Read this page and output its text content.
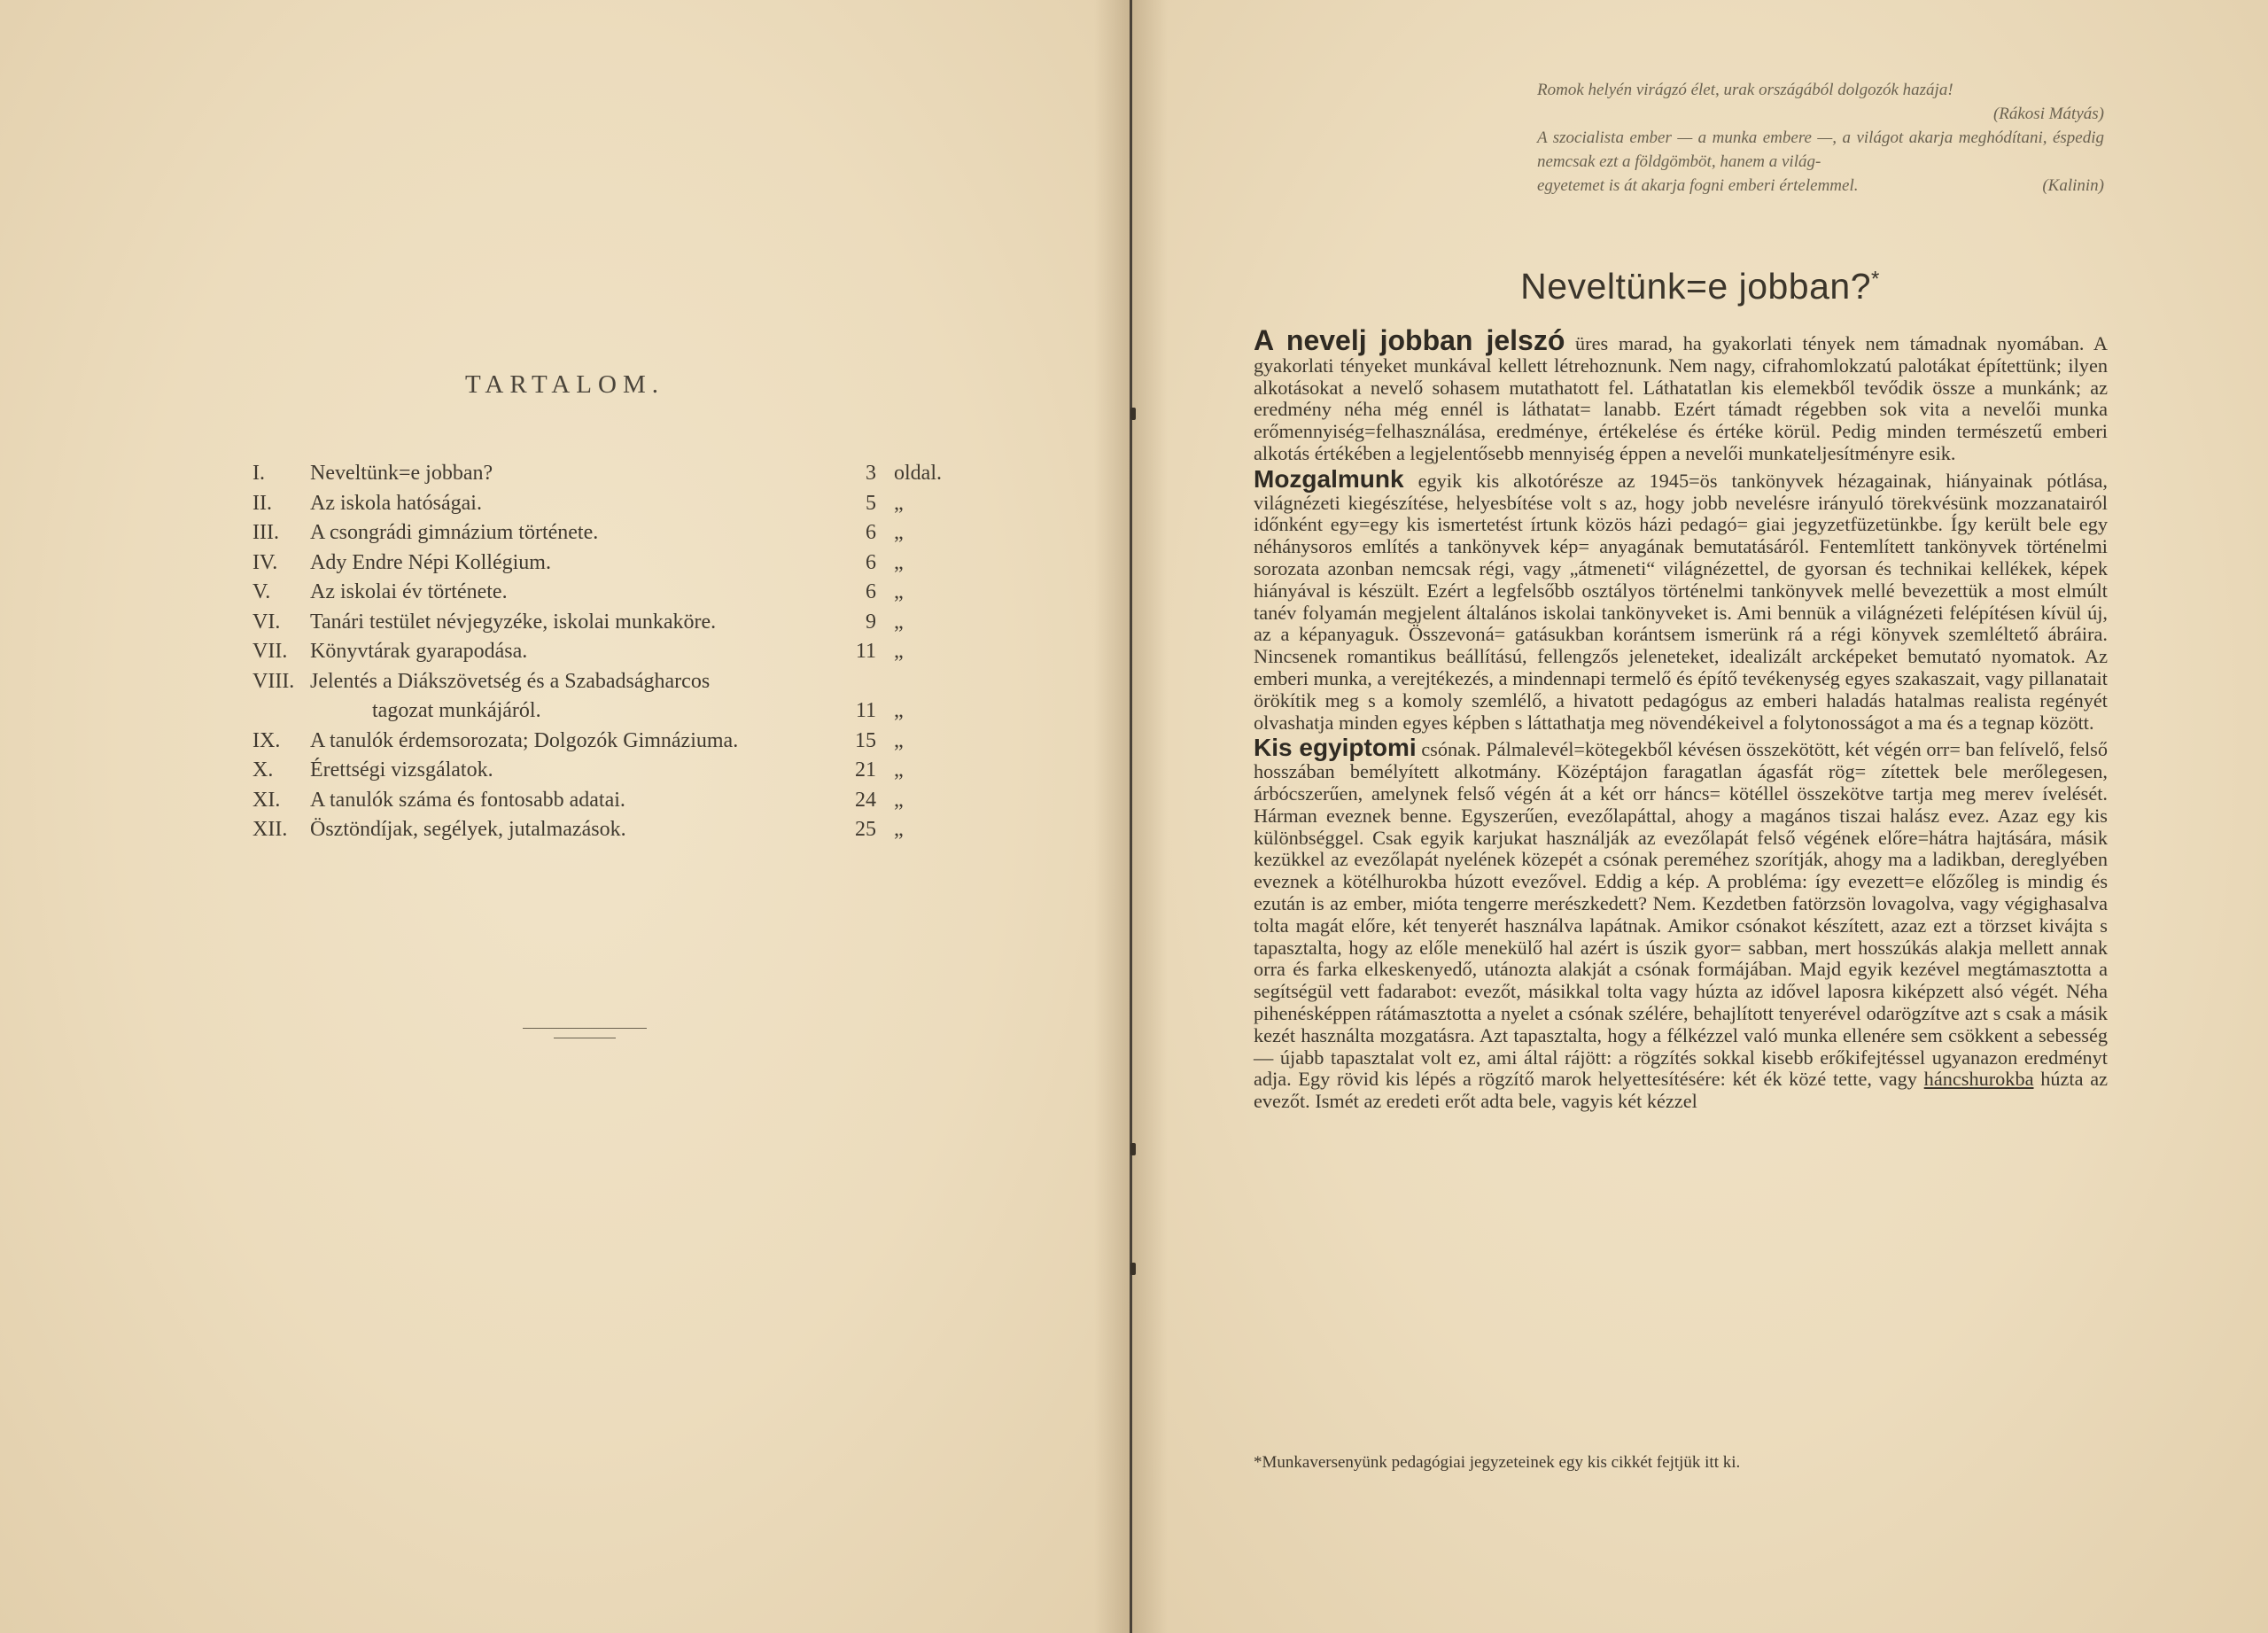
TARTALOM.
I.	Neveltünk=e jobban?	3 oldal.
II.	Az iskola hatóságai.	5 „
III.	A csongrádi gimnázium története.	6 „
IV.	Ady Endre Népi Kollégium.	6 „
V.	Az iskolai év története.	6 „
VI.	Tanári testület névjegyzéke, iskolai munkaköre.	9 „
VII.	Könyvtárak gyarapodása.	11 „
VIII. Jelentés a Diákszövetség és a Szabadságharcos
tagozat munkájáról.	11 „
IX.	A tanulók érdemsorozata; Dolgozók Gimnáziuma.	15 „
X.	Érettségi vizsgálatok.	21 „
XI.	A tanulók száma és fontosabb adatai.	24 „
XII.	Ösztöndíjak, segélyek, jutalmazások.	25 „

Romok helyén virágzó élet, urak országából dolgozók hazája!

(Rákosi Mátyás)

A szocialista ember — a munka embere —, a világot akarja meghódítani, éspedig nemcsak ezt a földgömböt, hanem a világ-

egyetemet is át akarja fogni emberi értelemmel.	(Kalinin)
Neveltünk=e jobban?*

A nevelj jobban jelszó üres marad, ha gyakorlati tények nem támadnak nyomában. A gyakorlati tényeket munkával kellett létrehoznunk. Nem nagy, cifrahomlokzatú palotákat építettünk; ilyen alkotásokat a nevelő sohasem mutathatott fel. Láthatatlan kis elemekből tevődik össze a munkánk; az eredmény néha még ennél is láthatat= lanabb. Ezért támadt régebben sok vita a nevelői munka erőmennyiség=felhasználása, eredménye, értékelése és értéke körül. Pedig minden természetű emberi alkotás értékében a legjelentősebb mennyiség éppen a nevelői munkateljesítményre esik.

Mozgalmunk egyik kis alkotórésze az 1945=ös tankönyvek hézagainak, hiányainak pótlása, világnézeti kiegészítése, helyesbítése volt s az, hogy jobb nevelésre irányuló törekvésünk mozzanatairól időnként egy=egy kis ismertetést írtunk közös házi pedagó= giai jegyzetfüzetünkbe. Így került bele egy néhánysoros említés a tankönyvek kép= anyagának bemutatásáról. Fentemlített tankönyvek történelmi sorozata azonban nemcsak régi, vagy „átmeneti“ világnézettel, de gyorsan és technikai kellékek, képek hiányával is készült. Ezért a legfelsőbb osztályos történelmi tankönyvek mellé bevezettük a most elmúlt tanév folyamán megjelent általános iskolai tankönyveket is. Ami bennük a világnézeti felépítésen kívül új, az a képanyaguk. Összevoná= gatásukban korántsem ismerünk rá a régi könyvek szemléltető ábráira. Nincsenek romantikus beállítású, fellengzős jeleneteket, idealizált arcképeket bemutató nyomatok. Az emberi munka, a verejtékezés, a mindennapi termelő és építő tevékenység egyes szakaszait, vagy pillanatait örökítik meg s a komoly szemlélő, a hivatott pedagógus az emberi haladás hatalmas realista regényét olvashatja minden egyes képben s láttathatja meg növendékeivel a folytonosságot a ma és a tegnap között.

Kis egyiptomi csónak. Pálmalevél=kötegekből kévésen összekötött, két végén orr= ban felívelő, felső hosszában bemélyített alkotmány. Középtájon faragatlan ágasfát rög= zítettek bele merőlegesen, árbócszerűen, amelynek felső végén át a két orr háncs= kötéllel összekötve tartja meg merev ívelését. Hárman eveznek benne. Egyszerűen, evezőlapáttal, ahogy a magános tiszai halász evez. Azaz egy kis különbséggel. Csak egyik karjukat használják az evezőlapát felső végének előre=hátra hajtására, másik kezükkel az evezőlapát nyelének közepét a csónak pereméhez szorítják, ahogy ma a ladikban, dereglyében eveznek a kötélhurokba húzott evezővel. Eddig a kép. A probléma: így evezett=e előzőleg is mindig és ezután is az ember, mióta tengerre merészkedett? Nem. Kezdetben fatörzsön lovagolva, vagy végighasalva tolta magát előre, két tenyerét használva lapátnak. Amikor csónakot készített, azaz ezt a törzset kivájta s tapasztalta, hogy az előle menekülő hal azért is úszik gyor= sabban, mert hosszúkás alakja mellett annak orra és farka elkeskenyedő, utánozta alakját a csónak formájában. Majd egyik kezével megtámasztotta a segítségül vett fadarabot: evezőt, másikkal tolta vagy húzta az idővel laposra kiképzett alsó végét. Néha pihenésképpen rátámasztotta a nyelet a csónak szélére, behajlított tenyerével odarögzítve azt s csak a másik kezét használta mozgatásra. Azt tapasztalta, hogy a félkézzel való munka ellenére sem csökkent a sebesség — újabb tapasztalat volt ez, ami által rájött: a rögzítés sokkal kisebb erőkifejtéssel ugyanazon eredményt adja. Egy rövid kis lépés a rögzítő marok helyettesítésére: két ék közé tette, vagy háncshurokba húzta az evezőt. Ismét az eredeti erőt adta bele, vagyis két kézzel

*Munkaversenyünk pedagógiai jegyzeteinek egy kis cikkét fejtjük itt ki.
